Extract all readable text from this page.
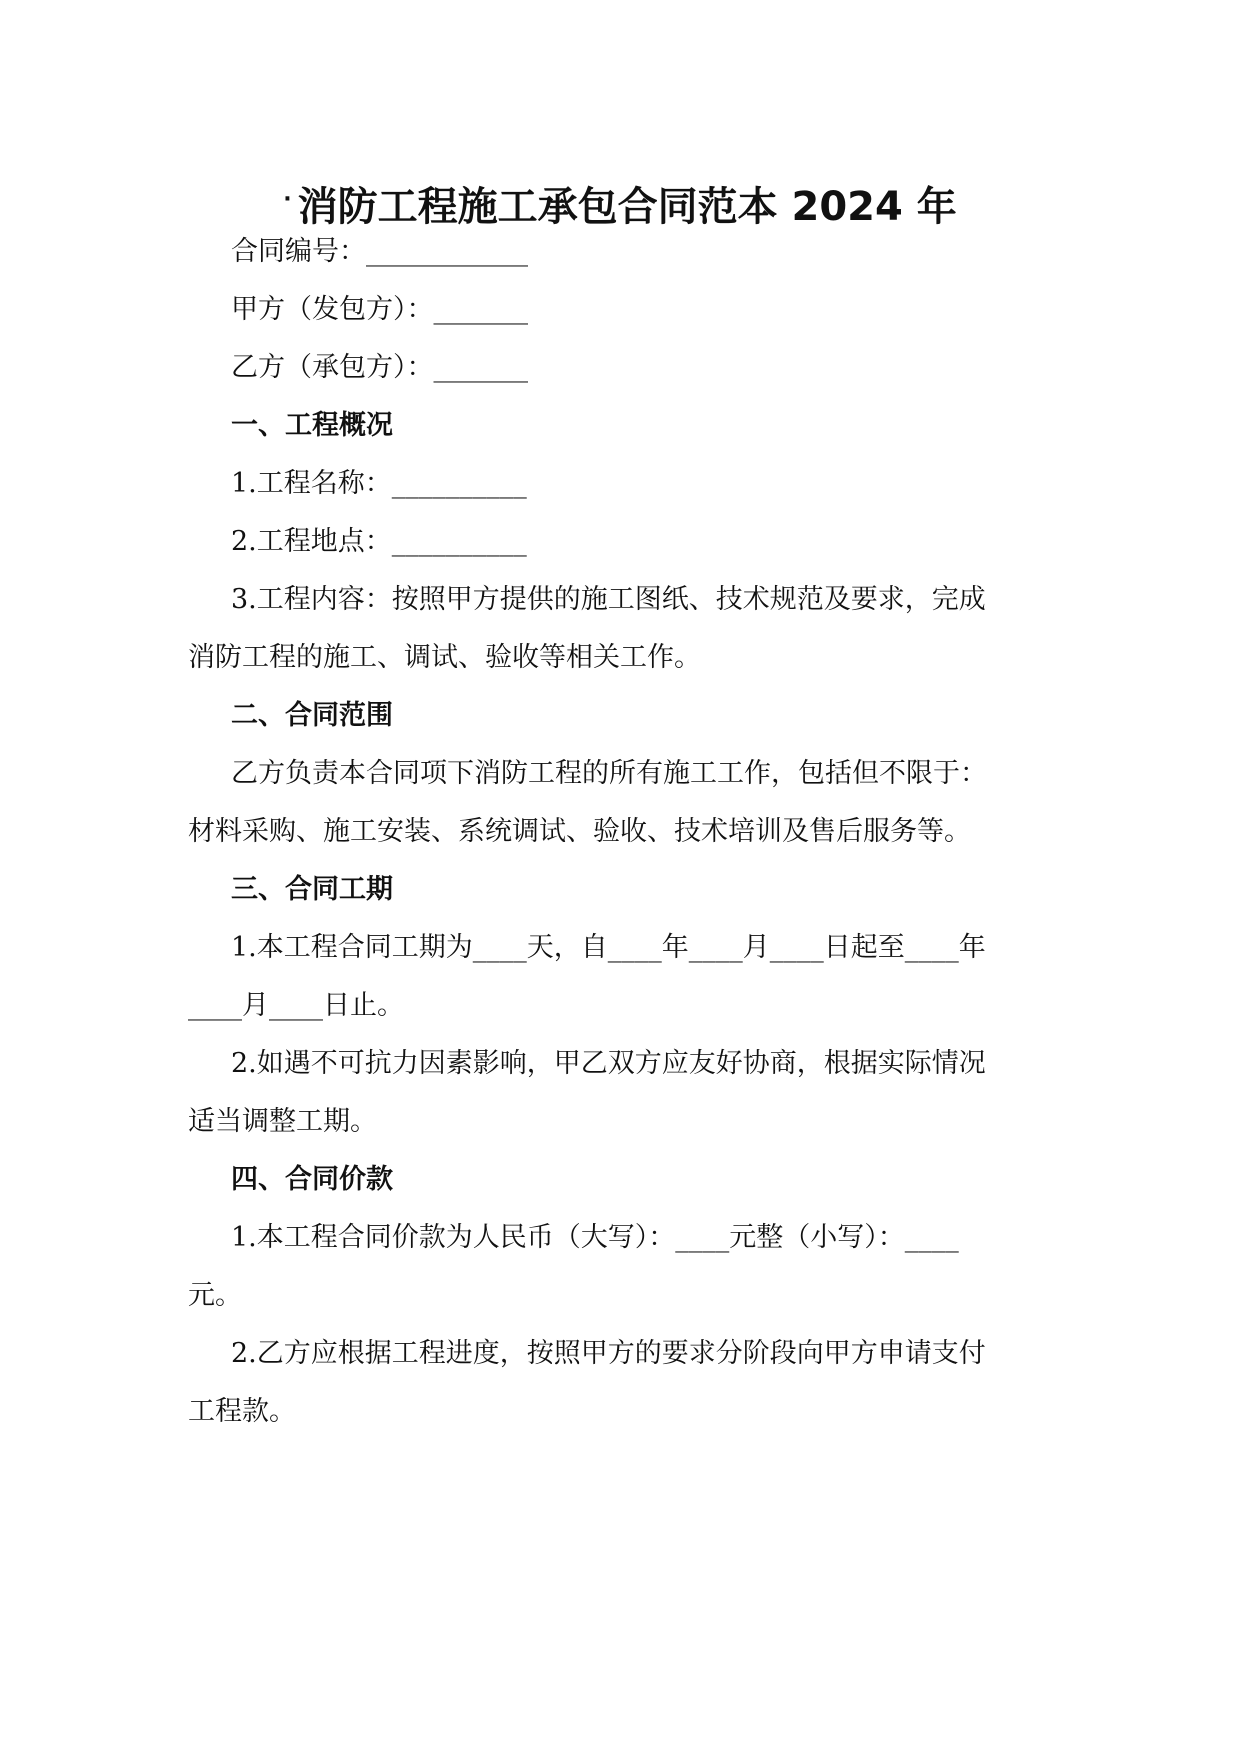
· 消防工程施工承包合同范本 2024 年

合同编号：____________

甲方（发包方）：_______

乙方（承包方）：_______

一、工程概况

1.工程名称：__________

2.工程地点：__________

3.工程内容：按照甲方提供的施工图纸、技术规范及要求，完成

消防工程的施工、调试、验收等相关工作。

二、合同范围

乙方负责本合同项下消防工程的所有施工工作，包括但不限于：

材料采购、施工安装、系统调试、验收、技术培训及售后服务等。

三、合同工期

1.本工程合同工期为____天，自____年____月____日起至____年

____月____日止。

2.如遇不可抗力因素影响，甲乙双方应友好协商，根据实际情况

适当调整工期。

四、合同价款

1.本工程合同价款为人民币（大写）：____元整（小写）：____

元。

2.乙方应根据工程进度，按照甲方的要求分阶段向甲方申请支付

工程款。
